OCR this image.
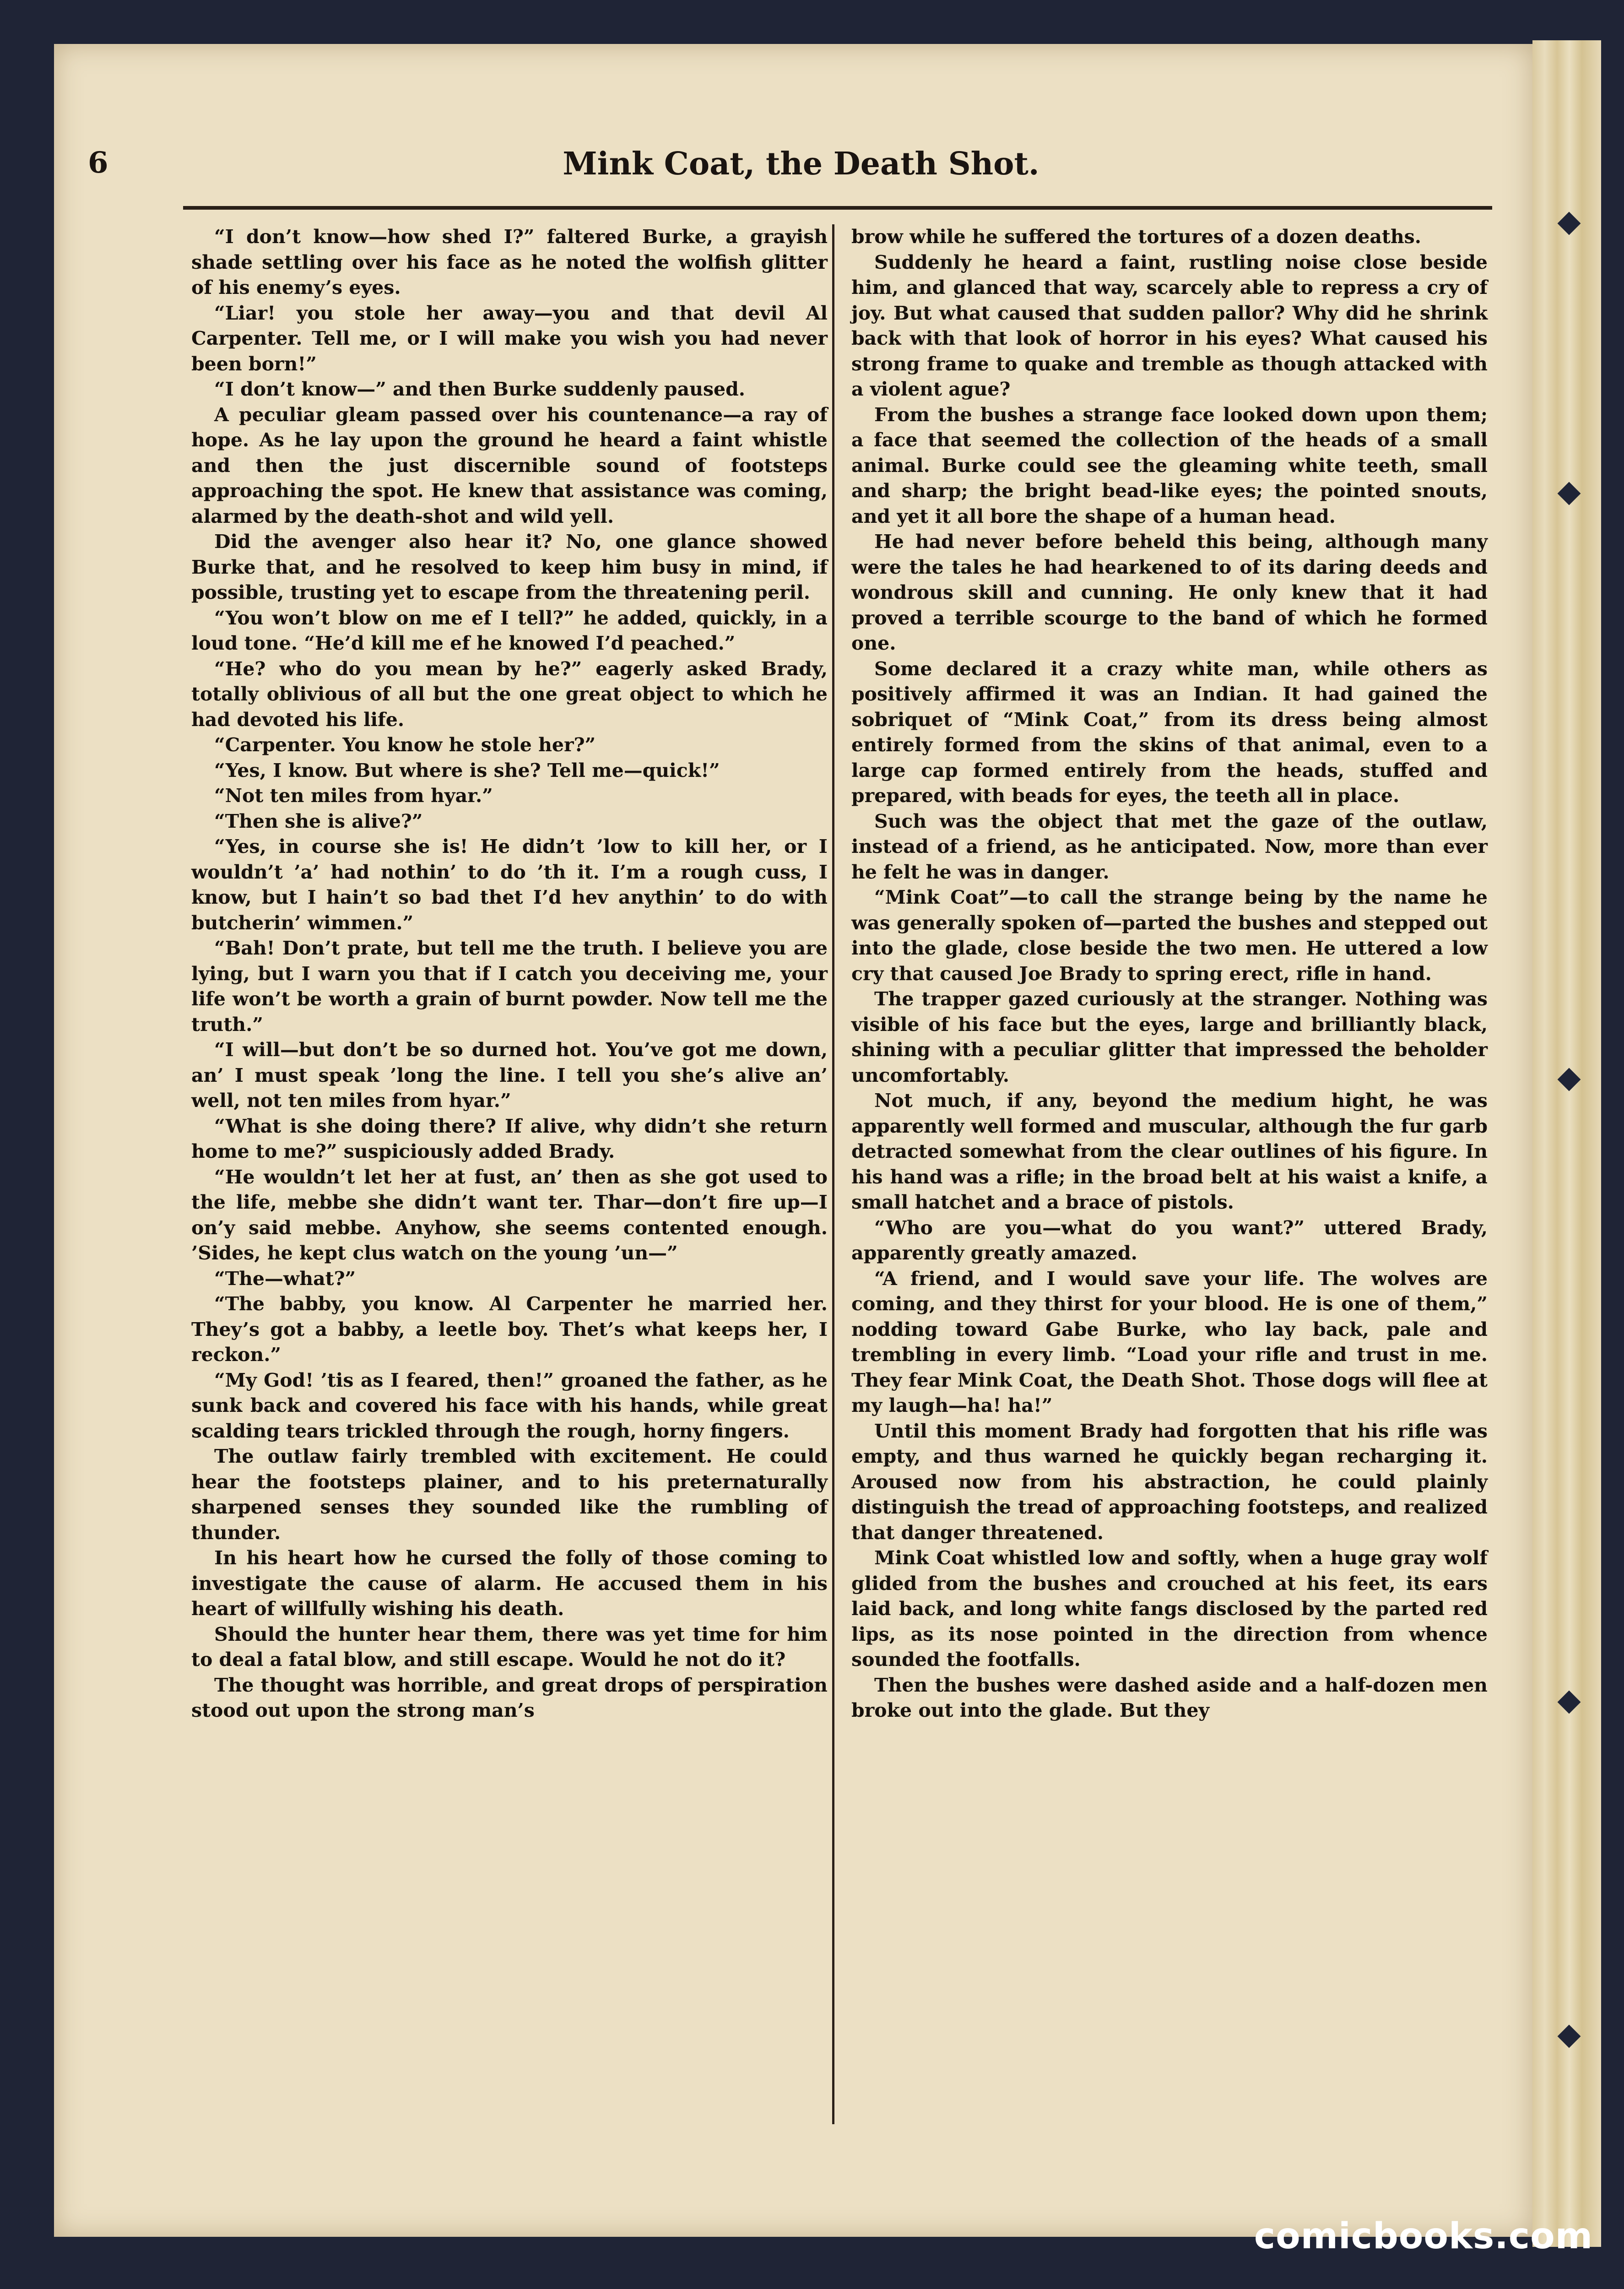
6	Mink Coat, the Death Shot.

“I don’t know—how shed I?” faltered Burke, a grayish shade settling over his face as he noted the wolfish glitter of his enemy’s eyes.

“Liar! you stole her away—you and that devil Al Carpenter. Tell me, or I will make you wish you had never been born!”

“I don’t know—” and then Burke suddenly paused.

A peculiar gleam passed over his countenance—a ray of hope. As he lay upon the ground he heard a faint whistle and then the just discernible sound of footsteps approaching the spot. He knew that assistance was coming, alarmed by the death-shot and wild yell.

Did the avenger also hear it? No, one glance showed Burke that, and he resolved to keep him busy in mind, if possible, trusting yet to escape from the threatening peril.

“You won’t blow on me ef I tell?” he added, quickly, in a loud tone. “He’d kill me ef he knowed I’d peached.”

“He? who do you mean by he?” eagerly asked Brady, totally oblivious of all but the one great object to which he had devoted his life.

“Carpenter. You know he stole her?”

“Yes, I know. But where is she? Tell me—quick!”

“Not ten miles from hyar.”

“Then she is alive?”

“Yes, in course she is! He didn’t ’low to kill her, or I wouldn’t ’a’ had nothin’ to do ’th it. I’m a rough cuss, I know, but I hain’t so bad thet I’d hev anythin’ to do with butcherin’ wimmen.”

“Bah! Don’t prate, but tell me the truth. I believe you are lying, but I warn you that if I catch you deceiving me, your life won’t be worth a grain of burnt powder. Now tell me the truth.”

“I will—but don’t be so durned hot. You’ve got me down, an’ I must speak ’long the line. I tell you she’s alive an’ well, not ten miles from hyar.”

“What is she doing there? If alive, why didn’t she return home to me?” suspiciously added Brady.

“He wouldn’t let her at fust, an’ then as she got used to the life, mebbe she didn’t want ter. Thar—don’t fire up—I on’y said mebbe. Anyhow, she seems contented enough. ’Sides, he kept clus watch on the young ’un—”

“The—what?”

“The babby, you know. Al Carpenter he married her. They’s got a babby, a leetle boy. Thet’s what keeps her, I reckon.”

“My God! ’tis as I feared, then!” groaned the father, as he sunk back and covered his face with his hands, while great scalding tears trickled through the rough, horny fingers.

The outlaw fairly trembled with excitement. He could hear the footsteps plainer, and to his preternaturally sharpened senses they sounded like the rumbling of thunder.

In his heart how he cursed the folly of those coming to investigate the cause of alarm. He accused them in his heart of willfully wishing his death.

Should the hunter hear them, there was yet time for him to deal a fatal blow, and still escape. Would he not do it?

The thought was horrible, and great drops of perspiration stood out upon the strong man’s

brow while he suffered the tortures of a dozen deaths.

Suddenly he heard a faint, rustling noise close beside him, and glanced that way, scarcely able to repress a cry of joy. But what caused that sudden pallor? Why did he shrink back with that look of horror in his eyes? What caused his strong frame to quake and tremble as though attacked with a violent ague?

From the bushes a strange face looked down upon them; a face that seemed the collection of the heads of a small animal. Burke could see the gleaming white teeth, small and sharp; the bright bead-like eyes; the pointed snouts, and yet it all bore the shape of a human head.

He had never before beheld this being, although many were the tales he had hearkened to of its daring deeds and wondrous skill and cunning. He only knew that it had proved a terrible scourge to the band of which he formed one.

Some declared it a crazy white man, while others as positively affirmed it was an Indian. It had gained the sobriquet of “Mink Coat,” from its dress being almost entirely formed from the skins of that animal, even to a large cap formed entirely from the heads, stuffed and prepared, with beads for eyes, the teeth all in place.

Such was the object that met the gaze of the outlaw, instead of a friend, as he anticipated. Now, more than ever he felt he was in danger.

“Mink Coat”—to call the strange being by the name he was generally spoken of—parted the bushes and stepped out into the glade, close beside the two men. He uttered a low cry that caused Joe Brady to spring erect, rifle in hand.

The trapper gazed curiously at the stranger. Nothing was visible of his face but the eyes, large and brilliantly black, shining with a peculiar glitter that impressed the beholder uncomfortably.

Not much, if any, beyond the medium hight, he was apparently well formed and muscular, although the fur garb detracted somewhat from the clear outlines of his figure. In his hand was a rifle; in the broad belt at his waist a knife, a small hatchet and a brace of pistols.

“Who are you—what do you want?” uttered Brady, apparently greatly amazed.

“A friend, and I would save your life. The wolves are coming, and they thirst for your blood. He is one of them,” nodding toward Gabe Burke, who lay back, pale and trembling in every limb. “Load your rifle and trust in me. They fear Mink Coat, the Death Shot. Those dogs will flee at my laugh—ha! ha!”

Until this moment Brady had forgotten that his rifle was empty, and thus warned he quickly began recharging it. Aroused now from his abstraction, he could plainly distinguish the tread of approaching footsteps, and realized that danger threatened.

Mink Coat whistled low and softly, when a huge gray wolf glided from the bushes and crouched at his feet, its ears laid back, and long white fangs disclosed by the parted red lips, as its nose pointed in the direction from whence sounded the footfalls.

Then the bushes were dashed aside and a half-dozen men broke out into the glade. But they

comicbooks.com
